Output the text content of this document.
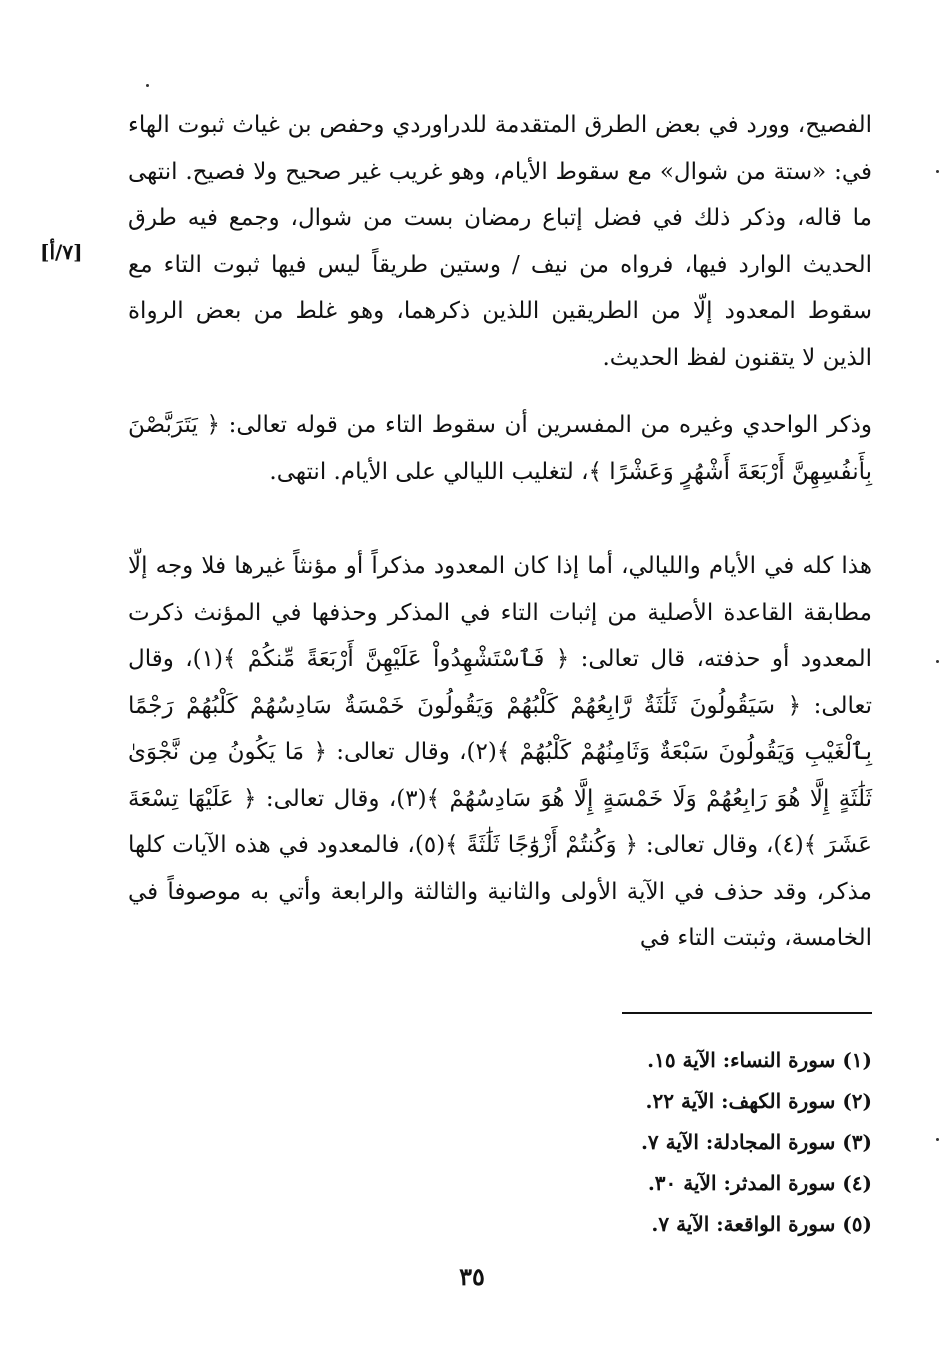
[٧/أ]

الفصيح، وورد في بعض الطرق المتقدمة للدراوردي وحفص بن غياث ثبوت الهاء في: «ستة من شوال» مع سقوط الأيام، وهو غريب غير صحيح ولا فصيح. انتهى ما قاله، وذكر ذلك في فضل إتباع رمضان بست من شوال، وجمع فيه طرق الحديث الوارد فيها، فرواه من نيف / وستين طريقاً ليس فيها ثبوت التاء مع سقوط المعدود إلّا من الطريقين اللذين ذكرهما، وهو غلط من بعض الرواة الذين لا يتقنون لفظ الحديث.

وذكر الواحدي وغيره من المفسرين أن سقوط التاء من قوله تعالى: ﴿ يَتَرَبَّصْنَ بِأَنفُسِهِنَّ أَرْبَعَةَ أَشْهُرٍ وَعَشْرًا ﴾، لتغليب الليالي على الأيام. انتهى.

هذا كله في الأيام والليالي، أما إذا كان المعدود مذكراً أو مؤنثاً غيرها فلا وجه إلّا مطابقة القاعدة الأصلية من إثبات التاء في المذكر وحذفها في المؤنث ذكرت المعدود أو حذفته، قال تعالى: ﴿ فَٱسْتَشْهِدُواْ عَلَيْهِنَّ أَرْبَعَةً مِّنكُمْ ﴾(١)، وقال تعالى: ﴿ سَيَقُولُونَ ثَلَٰثَةٌ رَّابِعُهُمْ كَلْبُهُمْ وَيَقُولُونَ خَمْسَةٌ سَادِسُهُمْ كَلْبُهُمْ رَجْمًا بِٱلْغَيْبِ وَيَقُولُونَ سَبْعَةٌ وَثَامِنُهُمْ كَلْبُهُمْ ﴾(٢)، وقال تعالى: ﴿ مَا يَكُونُ مِن نَّجْوَىٰ ثَلَٰثَةٍ إِلَّا هُوَ رَابِعُهُمْ وَلَا خَمْسَةٍ إِلَّا هُوَ سَادِسُهُمْ ﴾(٣)، وقال تعالى: ﴿ عَلَيْهَا تِسْعَةَ عَشَرَ ﴾(٤)، وقال تعالى: ﴿ وَكُنتُمْ أَزْوَٰجًا ثَلَٰثَةً ﴾(٥)، فالمعدود في هذه الآيات كلها مذكر، وقد حذف في الآية الأولى والثانية والثالثة والرابعة وأتي به موصوفاً في الخامسة، وثبتت التاء في

(١) سورة النساء: الآية ١٥.
(٢) سورة الكهف: الآية ٢٢.
(٣) سورة المجادلة: الآية ٧.
(٤) سورة المدثر: الآية ٣٠.
(٥) سورة الواقعة: الآية ٧.
٣٥
